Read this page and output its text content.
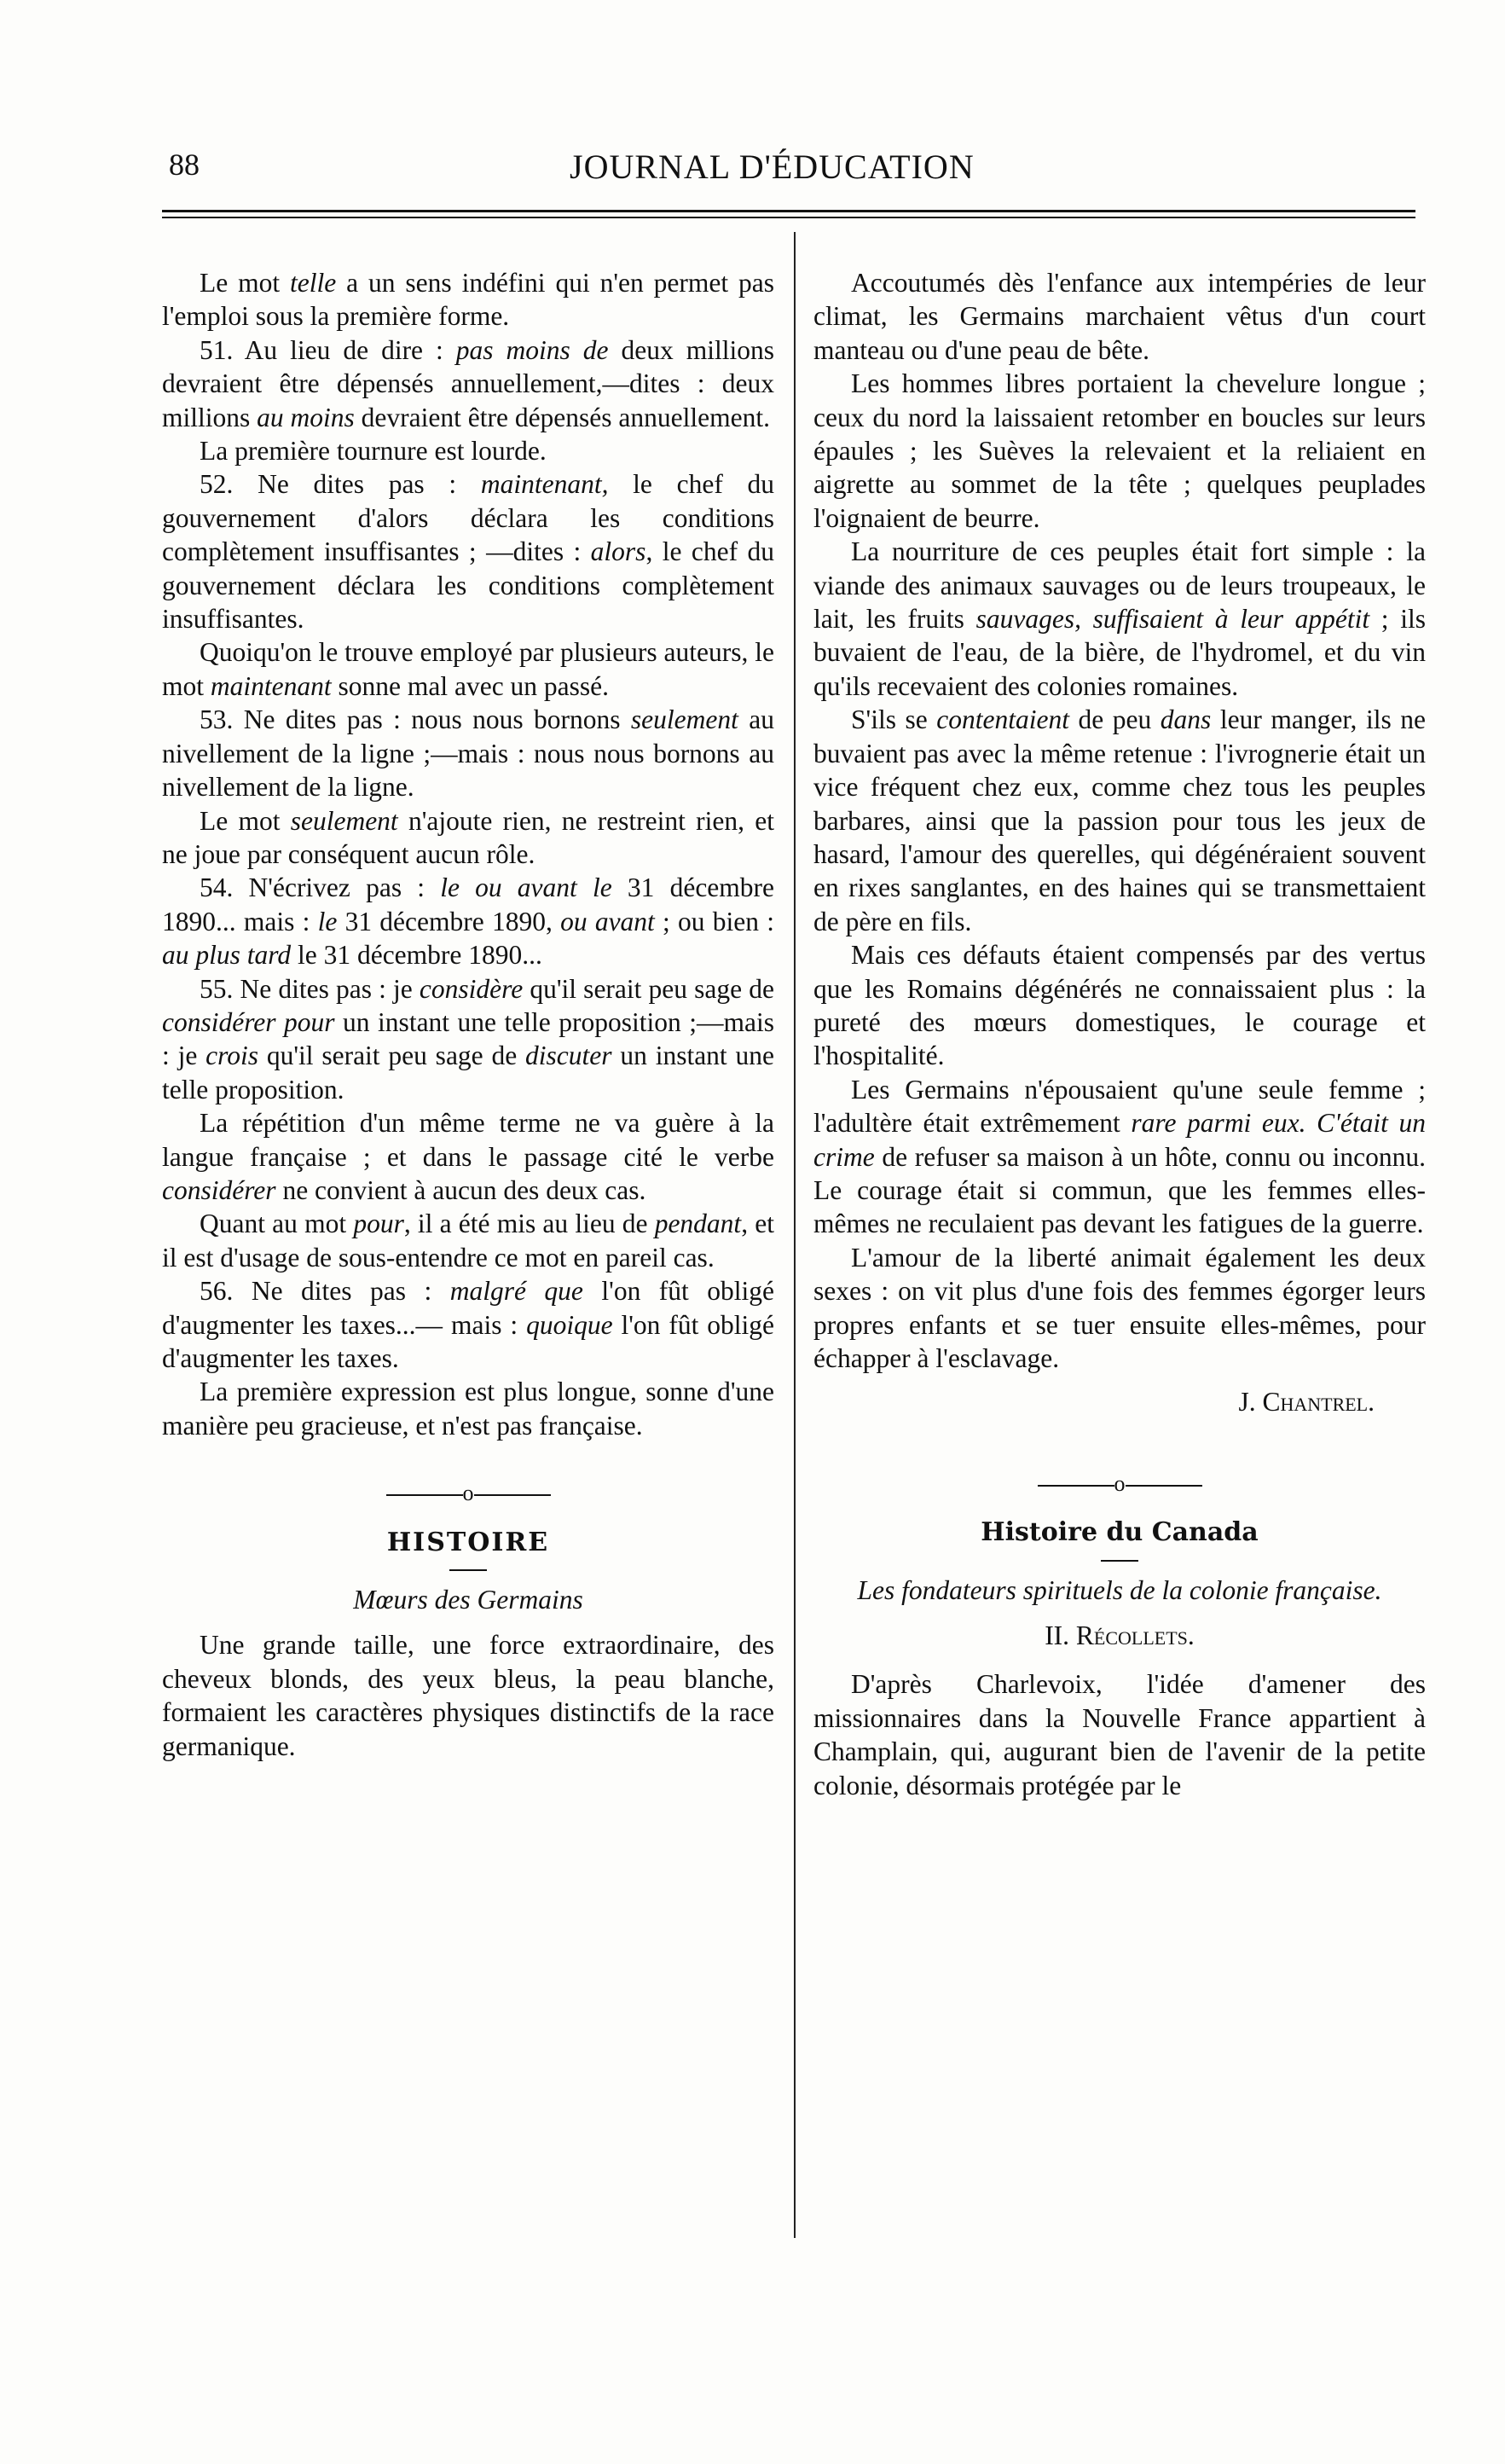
88	JOURNAL D'ÉDUCATION

Le mot telle a un sens indéfini qui n'en permet pas l'emploi sous la première forme.

51. Au lieu de dire : pas moins de deux millions devraient être dépensés annuellement,—dites : deux millions au moins devraient être dépensés annuellement.

La première tournure est lourde.

52. Ne dites pas : maintenant, le chef du gouvernement d'alors déclara les conditions complètement insuffisantes ; —dites : alors, le chef du gouvernement déclara les conditions complètement insuffisantes.

Quoiqu'on le trouve employé par plusieurs auteurs, le mot maintenant sonne mal avec un passé.

53. Ne dites pas : nous nous bornons seulement au nivellement de la ligne ;—mais : nous nous bornons au nivellement de la ligne.

Le mot seulement n'ajoute rien, ne restreint rien, et ne joue par conséquent aucun rôle.

54. N'écrivez pas : le ou avant le 31 décembre 1890... mais : le 31 décembre 1890, ou avant ; ou bien : au plus tard le 31 décembre 1890...

55. Ne dites pas : je considère qu'il serait peu sage de considérer pour un instant une telle proposition ;—mais : je crois qu'il serait peu sage de discuter un instant une telle proposition.

La répétition d'un même terme ne va guère à la langue française ; et dans le passage cité le verbe considérer ne convient à aucun des deux cas.

Quant au mot pour, il a été mis au lieu de pendant, et il est d'usage de sous-entendre ce mot en pareil cas.

56. Ne dites pas : malgré que l'on fût obligé d'augmenter les taxes...— mais : quoique l'on fût obligé d'augmenter les taxes.

La première expression est plus longue, sonne d'une manière peu gracieuse, et n'est pas française.

o
HISTOIRE
Mœurs des Germains

Une grande taille, une force extraordinaire, des cheveux blonds, des yeux bleus, la peau blanche, formaient les caractères physiques distinctifs de la race germanique.

Accoutumés dès l'enfance aux intempéries de leur climat, les Germains marchaient vêtus d'un court manteau ou d'une peau de bête.

Les hommes libres portaient la chevelure longue ; ceux du nord la laissaient retomber en boucles sur leurs épaules ; les Suèves la relevaient et la reliaient en aigrette au sommet de la tête ; quelques peuplades l'oignaient de beurre.

La nourriture de ces peuples était fort simple : la viande des animaux sauvages ou de leurs troupeaux, le lait, les fruits sauvages, suffisaient à leur appétit ; ils buvaient de l'eau, de la bière, de l'hydromel, et du vin qu'ils recevaient des colonies romaines.

S'ils se contentaient de peu dans leur manger, ils ne buvaient pas avec la même retenue : l'ivrognerie était un vice fréquent chez eux, comme chez tous les peuples barbares, ainsi que la passion pour tous les jeux de hasard, l'amour des querelles, qui dégénéraient souvent en rixes sanglantes, en des haines qui se transmettaient de père en fils.

Mais ces défauts étaient compensés par des vertus que les Romains dégénérés ne connaissaient plus : la pureté des mœurs domestiques, le courage et l'hospitalité.

Les Germains n'épousaient qu'une seule femme ; l'adultère était extrêmement rare parmi eux. C'était un crime de refuser sa maison à un hôte, connu ou inconnu. Le courage était si commun, que les femmes elles-mêmes ne reculaient pas devant les fatigues de la guerre.

L'amour de la liberté animait également les deux sexes : on vit plus d'une fois des femmes égorger leurs propres enfants et se tuer ensuite elles-mêmes, pour échapper à l'esclavage.

J. Chantrel.
o
Histoire du Canada
Les fondateurs spirituels de la colonie française.
II. Récollets.

D'après Charlevoix, l'idée d'amener des missionnaires dans la Nouvelle France appartient à Champlain, qui, augurant bien de l'avenir de la petite colonie, désormais protégée par le
